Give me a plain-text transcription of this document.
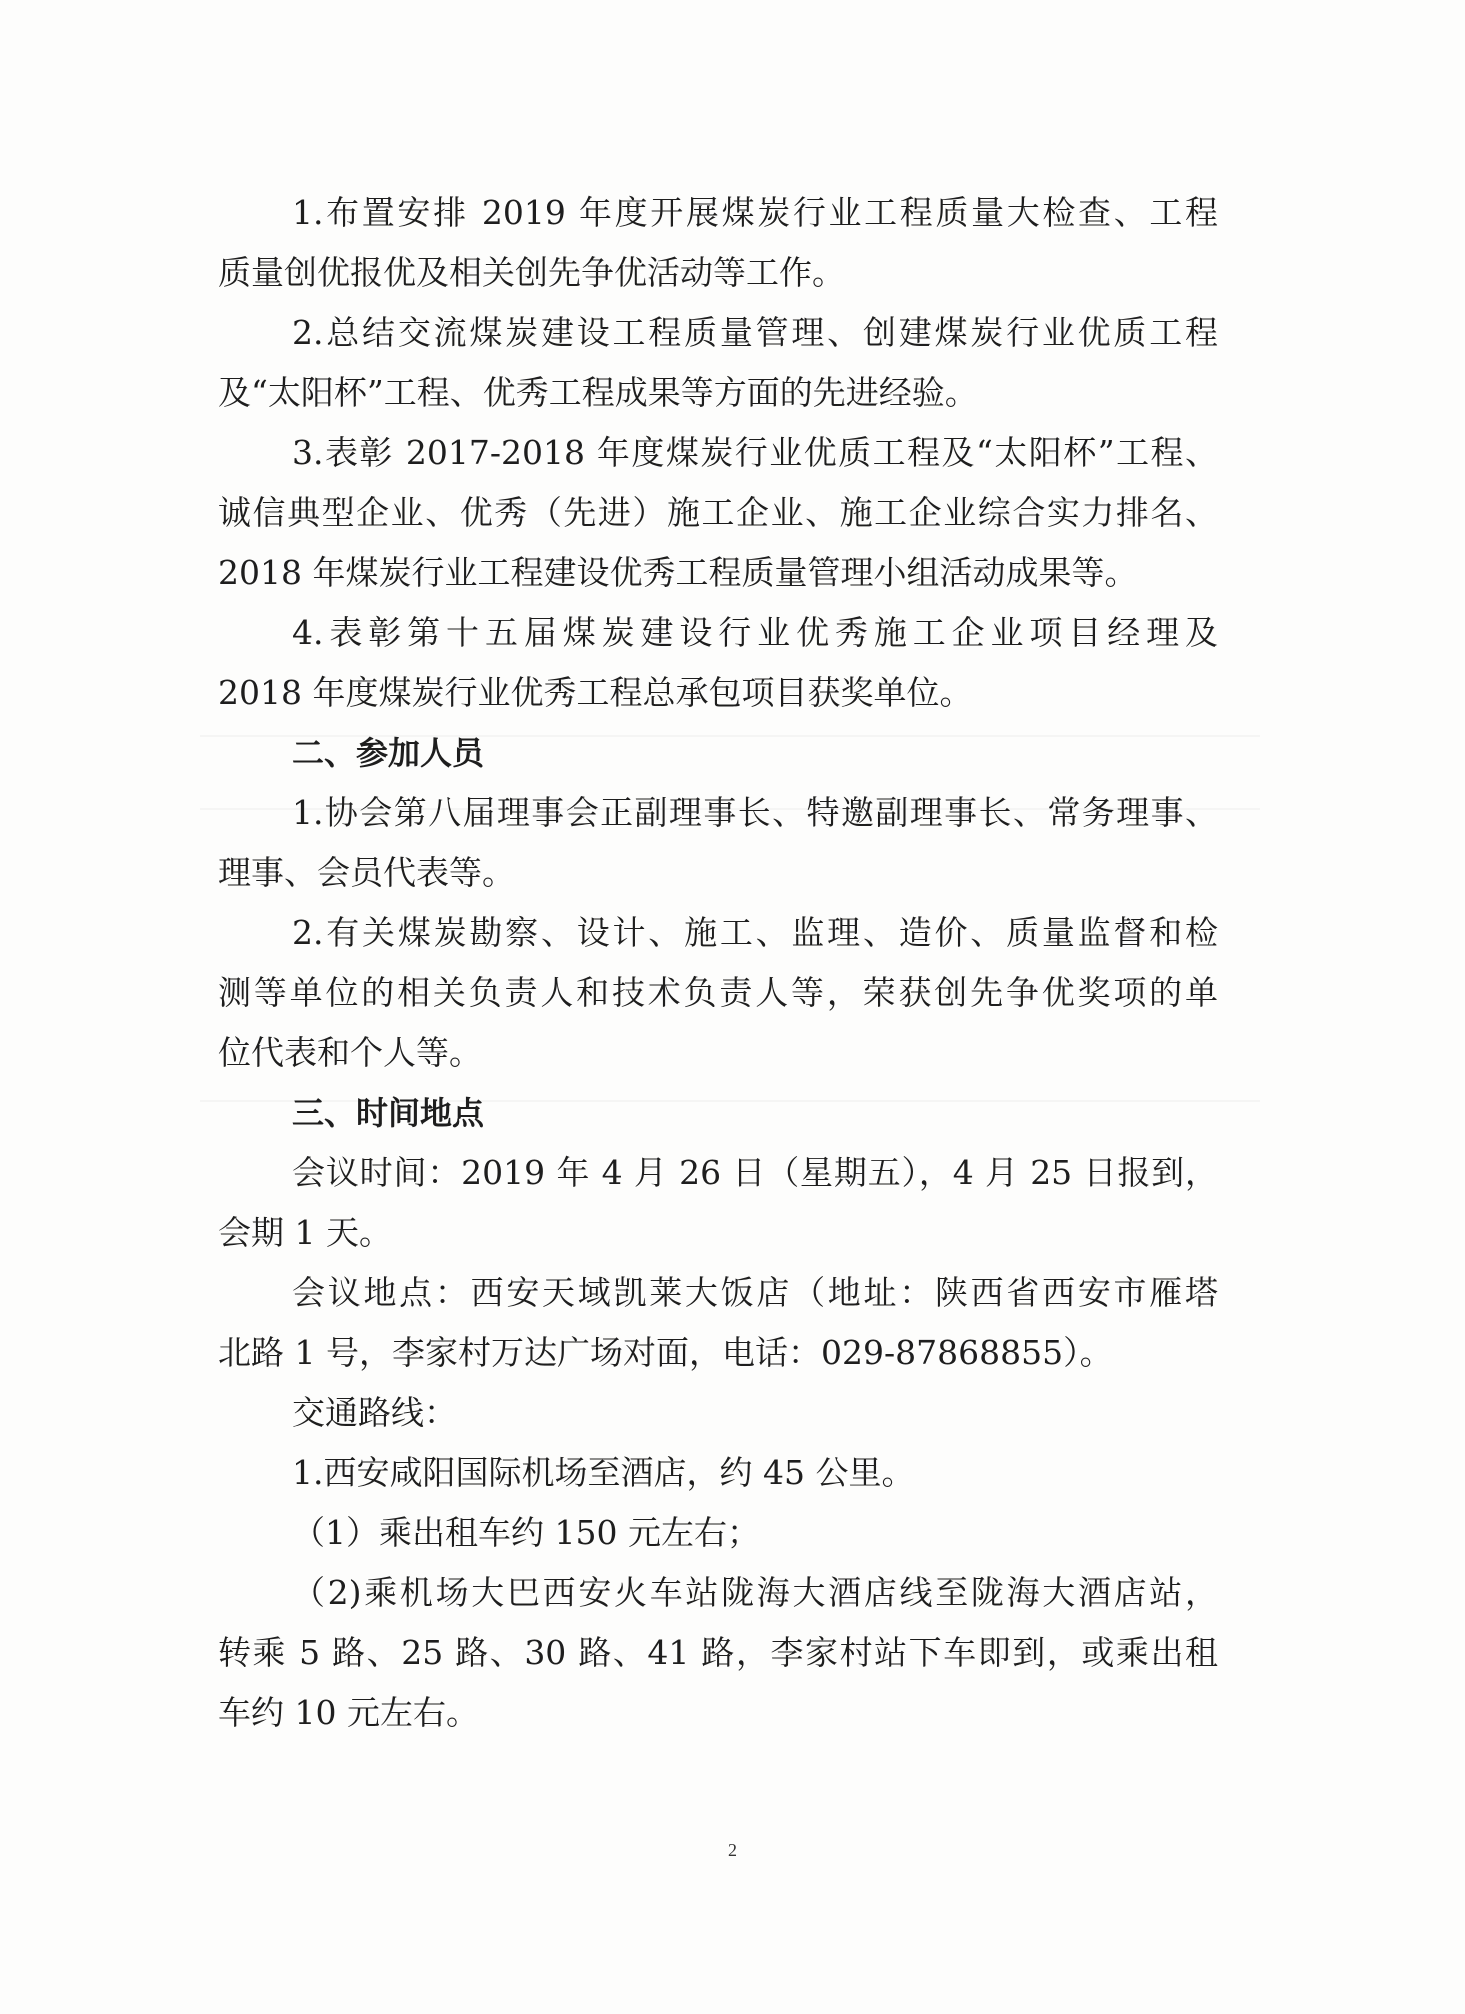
1.布置安排 2019 年度开展煤炭行业工程质量大检查、工程
质量创优报优及相关创先争优活动等工作。
2.总结交流煤炭建设工程质量管理、创建煤炭行业优质工程
及“太阳杯”工程、优秀工程成果等方面的先进经验。
3.表彰 2017-2018 年度煤炭行业优质工程及“太阳杯”工程、
诚信典型企业、优秀（先进）施工企业、施工企业综合实力排名、
2018 年煤炭行业工程建设优秀工程质量管理小组活动成果等。
4.表彰第十五届煤炭建设行业优秀施工企业项目经理及
2018 年度煤炭行业优秀工程总承包项目获奖单位。
二、参加人员
1.协会第八届理事会正副理事长、特邀副理事长、常务理事、
理事、会员代表等。
2.有关煤炭勘察、设计、施工、监理、造价、质量监督和检
测等单位的相关负责人和技术负责人等，荣获创先争优奖项的单
位代表和个人等。
三、时间地点
会议时间：2019 年 4 月 26 日（星期五），4 月 25 日报到，
会期 1 天。
会议地点：西安天域凯莱大饭店（地址：陕西省西安市雁塔
北路 1 号，李家村万达广场对面，电话：029-87868855）。
交通路线：
1.西安咸阳国际机场至酒店，约 45 公里。
（1）乘出租车约 150 元左右；
（2)乘机场大巴西安火车站陇海大酒店线至陇海大酒店站，
转乘 5 路、25 路、30 路、41 路，李家村站下车即到，或乘出租
车约 10 元左右。
2
